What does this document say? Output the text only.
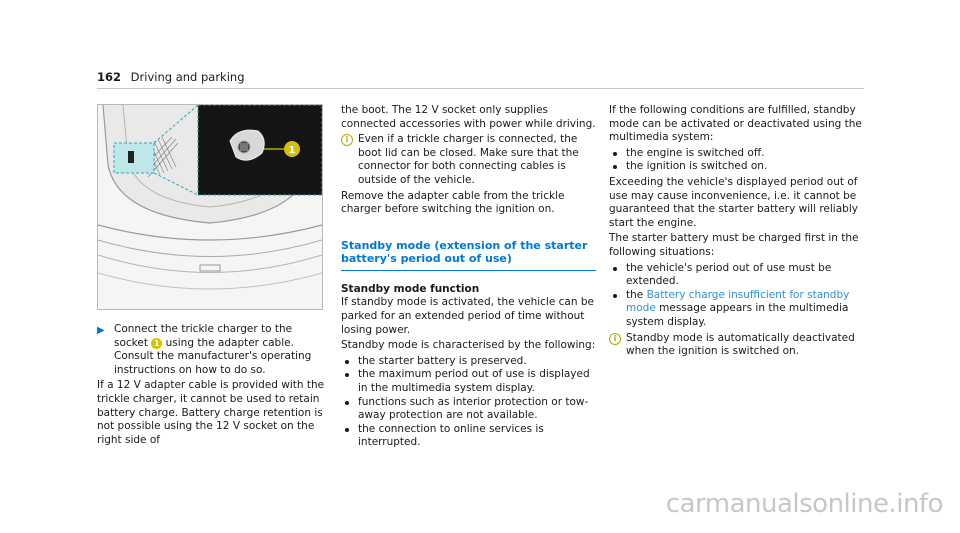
162 Driving and parking
1

▶ Connect the trickle charger to the socket 1 using the adapter cable. Consult the manufacturer's operating instructions on how to do so.

If a 12 V adapter cable is provided with the trickle charger, it cannot be used to retain battery charge. Battery charge retention is not possible using the 12 V socket on the right side of

the boot. The 12 V socket only supplies connected accessories with power while driving.

i Even if a trickle charger is connected, the boot lid can be closed. Make sure that the connector for both connecting cables is outside of the vehicle.

Remove the adapter cable from the trickle charger before switching the ignition on.

Standby mode (extension of the starter battery's period out of use)

Standby mode function

If standby mode is activated, the vehicle can be parked for an extended period of time without losing power.

Standby mode is characterised by the following:

the starter battery is preserved.
the maximum period out of use is displayed in the multimedia system display.
functions such as interior protection or tow-away protection are not available.
the connection to online services is interrupted.

If the following conditions are fulfilled, standby mode can be activated or deactivated using the multimedia system:

the engine is switched off.
the ignition is switched on.

Exceeding the vehicle's displayed period out of use may cause inconvenience, i.e. it cannot be guaranteed that the starter battery will reliably start the engine.

The starter battery must be charged first in the following situations:

the vehicle's period out of use must be extended.
the Battery charge insufficient for standby mode message appears in the multimedia system display.

i Standby mode is automatically deactivated when the ignition is switched on.

carmanualsonline.info
